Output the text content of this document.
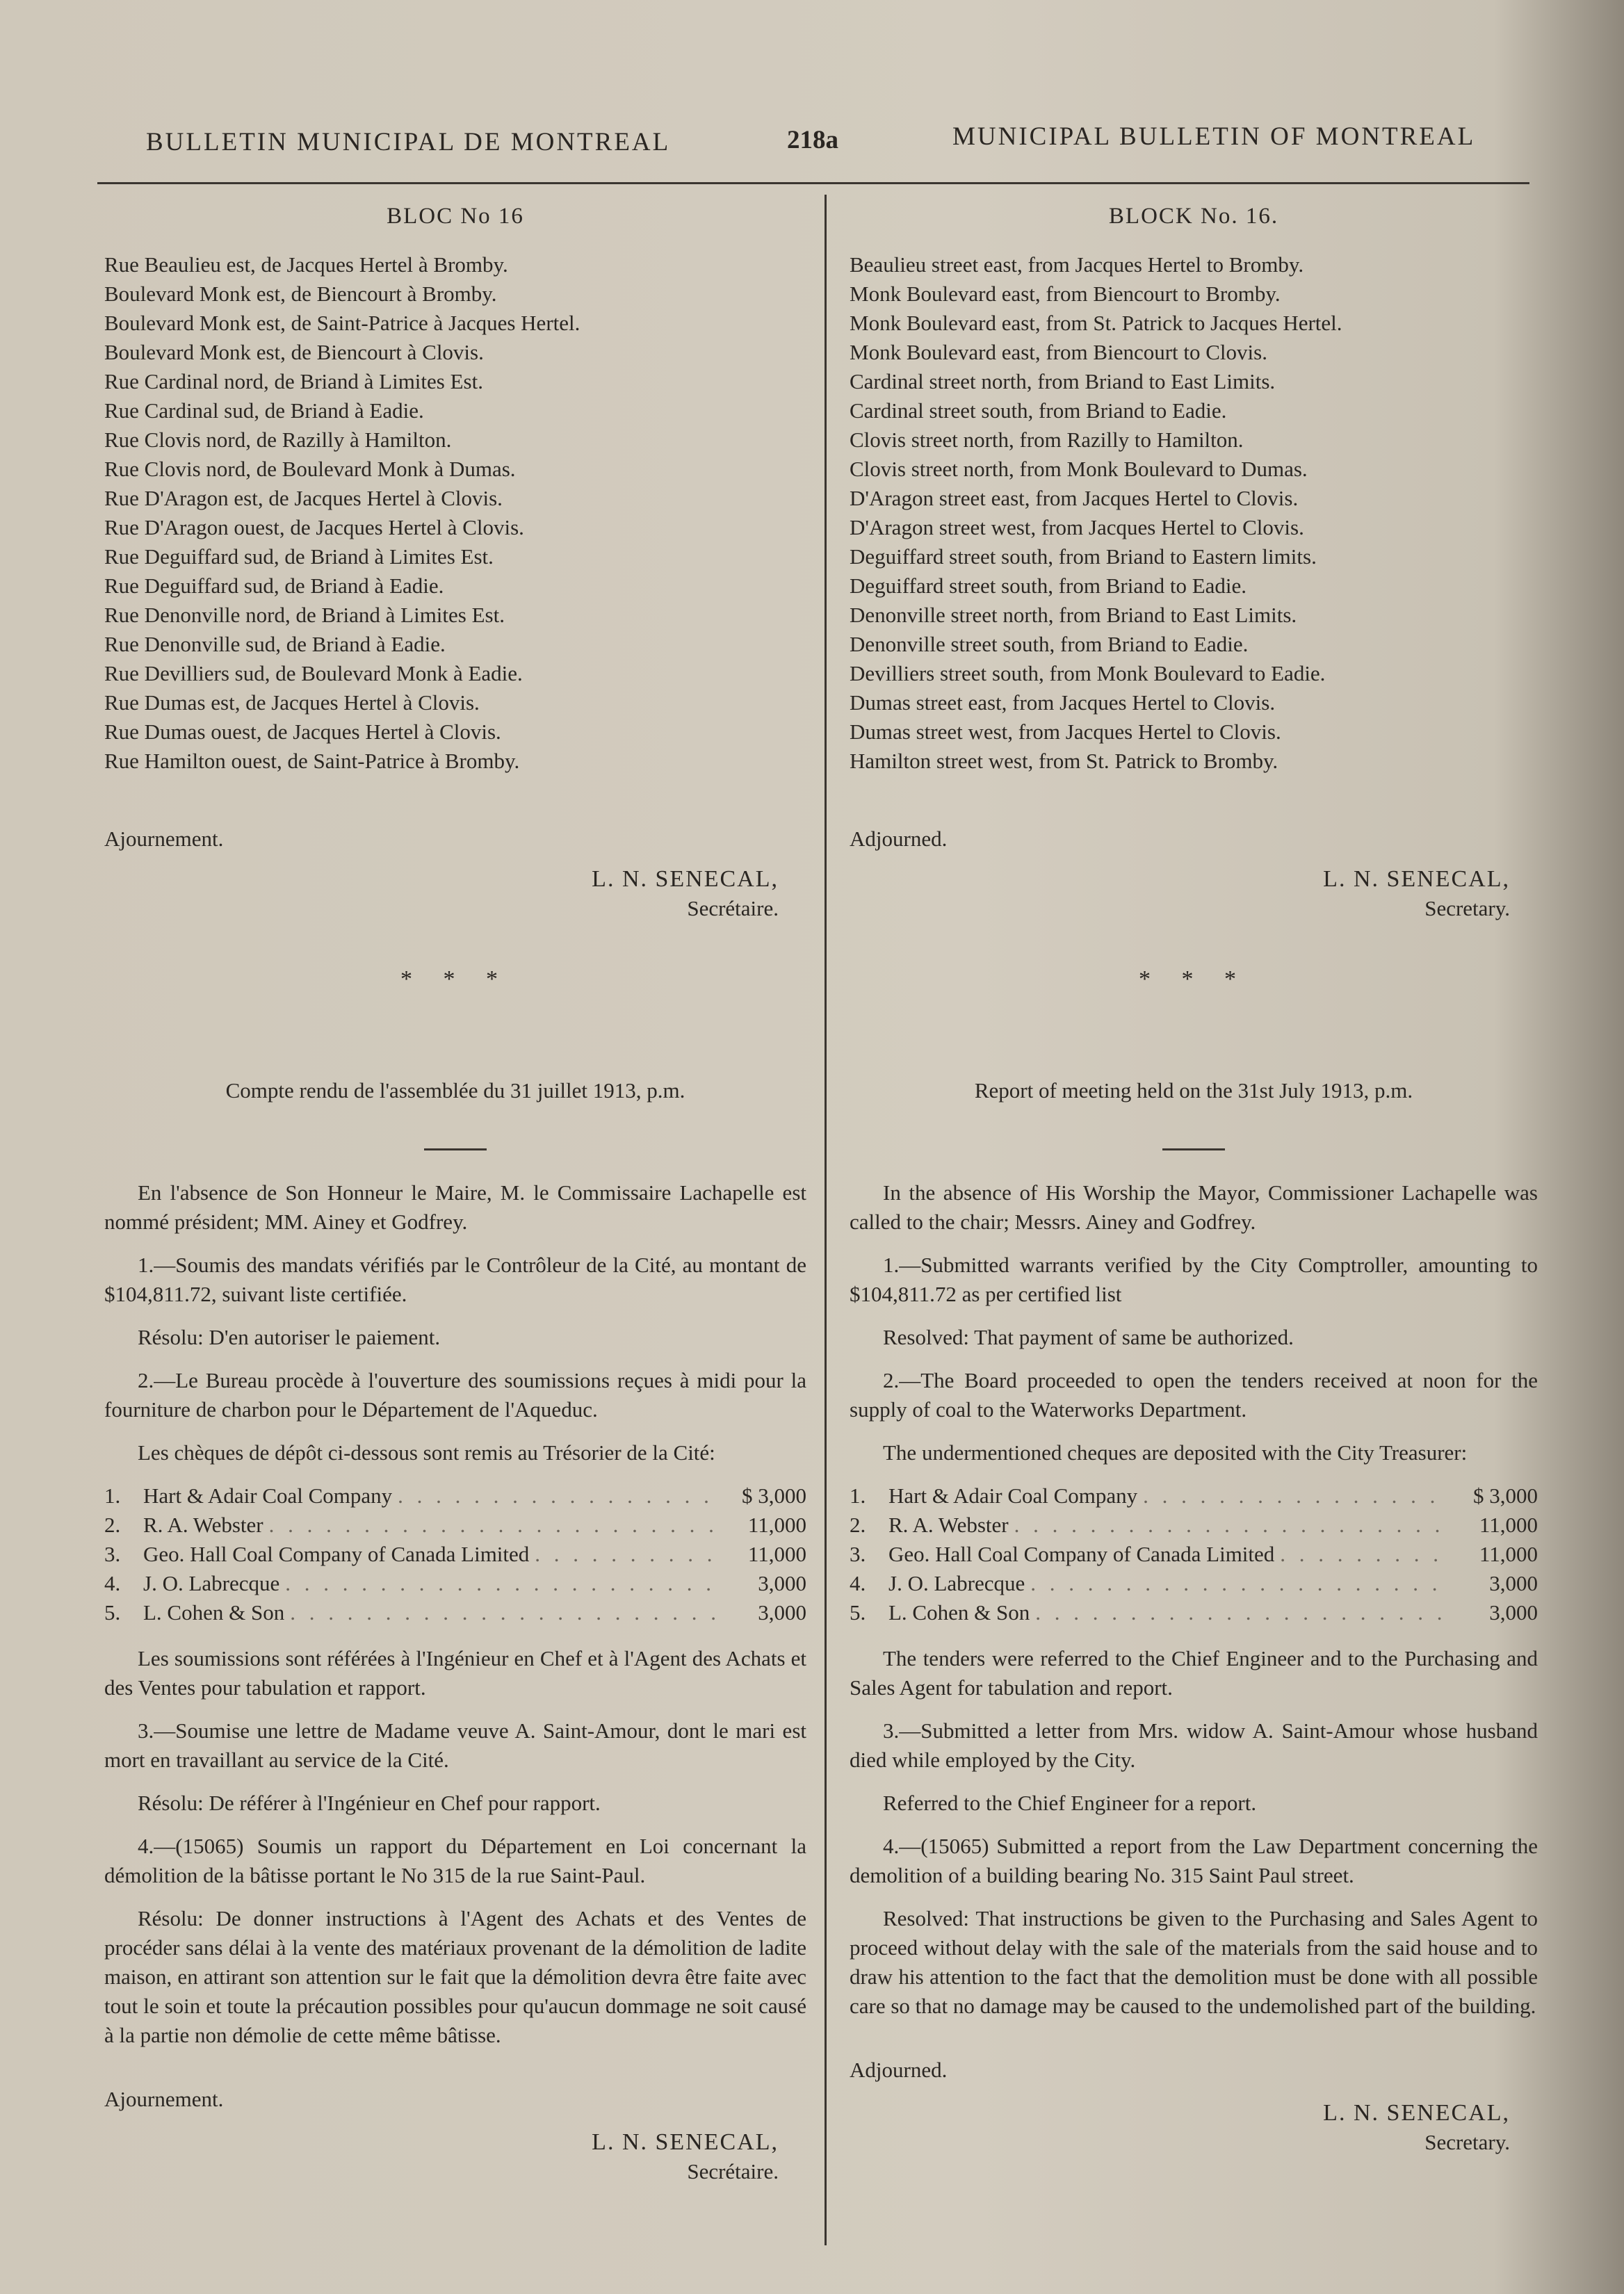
BULLETIN MUNICIPAL DE MONTREAL	218a	MUNICIPAL BULLETIN OF MONTREAL
BLOC No 16
Rue Beaulieu est, de Jacques Hertel à Bromby.
Boulevard Monk est, de Biencourt à Bromby.
Boulevard Monk est, de Saint-Patrice à Jacques Hertel.
Boulevard Monk est, de Biencourt à Clovis.
Rue Cardinal nord, de Briand à Limites Est.
Rue Cardinal sud, de Briand à Eadie.
Rue Clovis nord, de Razilly à Hamilton.
Rue Clovis nord, de Boulevard Monk à Dumas.
Rue D'Aragon est, de Jacques Hertel à Clovis.
Rue D'Aragon ouest, de Jacques Hertel à Clovis.
Rue Deguiffard sud, de Briand à Limites Est.
Rue Deguiffard sud, de Briand à Eadie.
Rue Denonville nord, de Briand à Limites Est.
Rue Denonville sud, de Briand à Eadie.
Rue Devilliers sud, de Boulevard Monk à Eadie.
Rue Dumas est, de Jacques Hertel à Clovis.
Rue Dumas ouest, de Jacques Hertel à Clovis.
Rue Hamilton ouest, de Saint-Patrice à Bromby.
Ajournement.
L. N. SENECAL,
Secrétaire.
* * *
Compte rendu de l'assemblée du 31 juillet 1913, p.m.

En l'absence de Son Honneur le Maire, M. le Commissaire Lachapelle est nommé président; MM. Ainey et Godfrey.

1.—Soumis des mandats vérifiés par le Contrôleur de la Cité, au montant de $104,811.72, suivant liste certifiée.

Résolu: D'en autoriser le paiement.

2.—Le Bureau procède à l'ouverture des soumissions reçues à midi pour la fourniture de charbon pour le Département de l'Aqueduc.

Les chèques de dépôt ci-dessous sont remis au Trésorier de la Cité:

1.	Hart & Adair Coal Company . . .	$ 3,000
2.	R. A. Webster . . .	11,000
3.	Geo. Hall Coal Company of Canada Limited . . .	11,000
4.	J. O. Labrecque . . .	3,000
5.	L. Cohen & Son . . .	3,000

Les soumissions sont référées à l'Ingénieur en Chef et à l'Agent des Achats et des Ventes pour tabulation et rapport.

3.—Soumise une lettre de Madame veuve A. Saint-Amour, dont le mari est mort en travaillant au service de la Cité.

Résolu: De référer à l'Ingénieur en Chef pour rapport.

4.—(15065) Soumis un rapport du Département en Loi concernant la démolition de la bâtisse portant le No 315 de la rue Saint-Paul.

Résolu: De donner instructions à l'Agent des Achats et des Ventes de procéder sans délai à la vente des matériaux provenant de la démolition de ladite maison, en attirant son attention sur le fait que la démolition devra être faite avec tout le soin et toute la précaution possibles pour qu'aucun dommage ne soit causé à la partie non démolie de cette même bâtisse.

Ajournement.
L. N. SENECAL,
Secrétaire.
BLOCK No. 16.
Beaulieu street east, from Jacques Hertel to Bromby.
Monk Boulevard east, from Biencourt to Bromby.
Monk Boulevard east, from St. Patrick to Jacques Hertel.
Monk Boulevard east, from Biencourt to Clovis.
Cardinal street north, from Briand to East Limits.
Cardinal street south, from Briand to Eadie.
Clovis street north, from Razilly to Hamilton.
Clovis street north, from Monk Boulevard to Dumas.
D'Aragon street east, from Jacques Hertel to Clovis.
D'Aragon street west, from Jacques Hertel to Clovis.
Deguiffard street south, from Briand to Eastern limits.
Deguiffard street south, from Briand to Eadie.
Denonville street north, from Briand to East Limits.
Denonville street south, from Briand to Eadie.
Devilliers street south, from Monk Boulevard to Eadie.
Dumas street east, from Jacques Hertel to Clovis.
Dumas street west, from Jacques Hertel to Clovis.
Hamilton street west, from St. Patrick to Bromby.
Adjourned.
L. N. SENECAL,
Secretary.
* * *
Report of meeting held on the 31st July 1913, p.m.

In the absence of His Worship the Mayor, Commissioner Lachapelle was called to the chair; Messrs. Ainey and Godfrey.

1.—Submitted warrants verified by the City Comptroller, amounting to $104,811.72 as per certified list

Resolved: That payment of same be authorized.

2.—The Board proceeded to open the tenders received at noon for the supply of coal to the Waterworks Department.

The undermentioned cheques are deposited with the City Treasurer:

1.	Hart & Adair Coal Company . . .	$ 3,000
2.	R. A. Webster . . .	11,000
3.	Geo. Hall Coal Company of Canada Limited . . .	11,000
4.	J. O. Labrecque . . .	3,000
5.	L. Cohen & Son . . .	3,000

The tenders were referred to the Chief Engineer and to the Purchasing and Sales Agent for tabulation and report.

3.—Submitted a letter from Mrs. widow A. Saint-Amour whose husband died while employed by the City.

Referred to the Chief Engineer for a report.

4.—(15065) Submitted a report from the Law Department concerning the demolition of a building bearing No. 315 Saint Paul street.

Resolved: That instructions be given to the Purchasing and Sales Agent to proceed without delay with the sale of the materials from the said house and to draw his attention to the fact that the demolition must be done with all possible care so that no damage may be caused to the undemolished part of the building.

Adjourned.
L. N. SENECAL,
Secretary.
